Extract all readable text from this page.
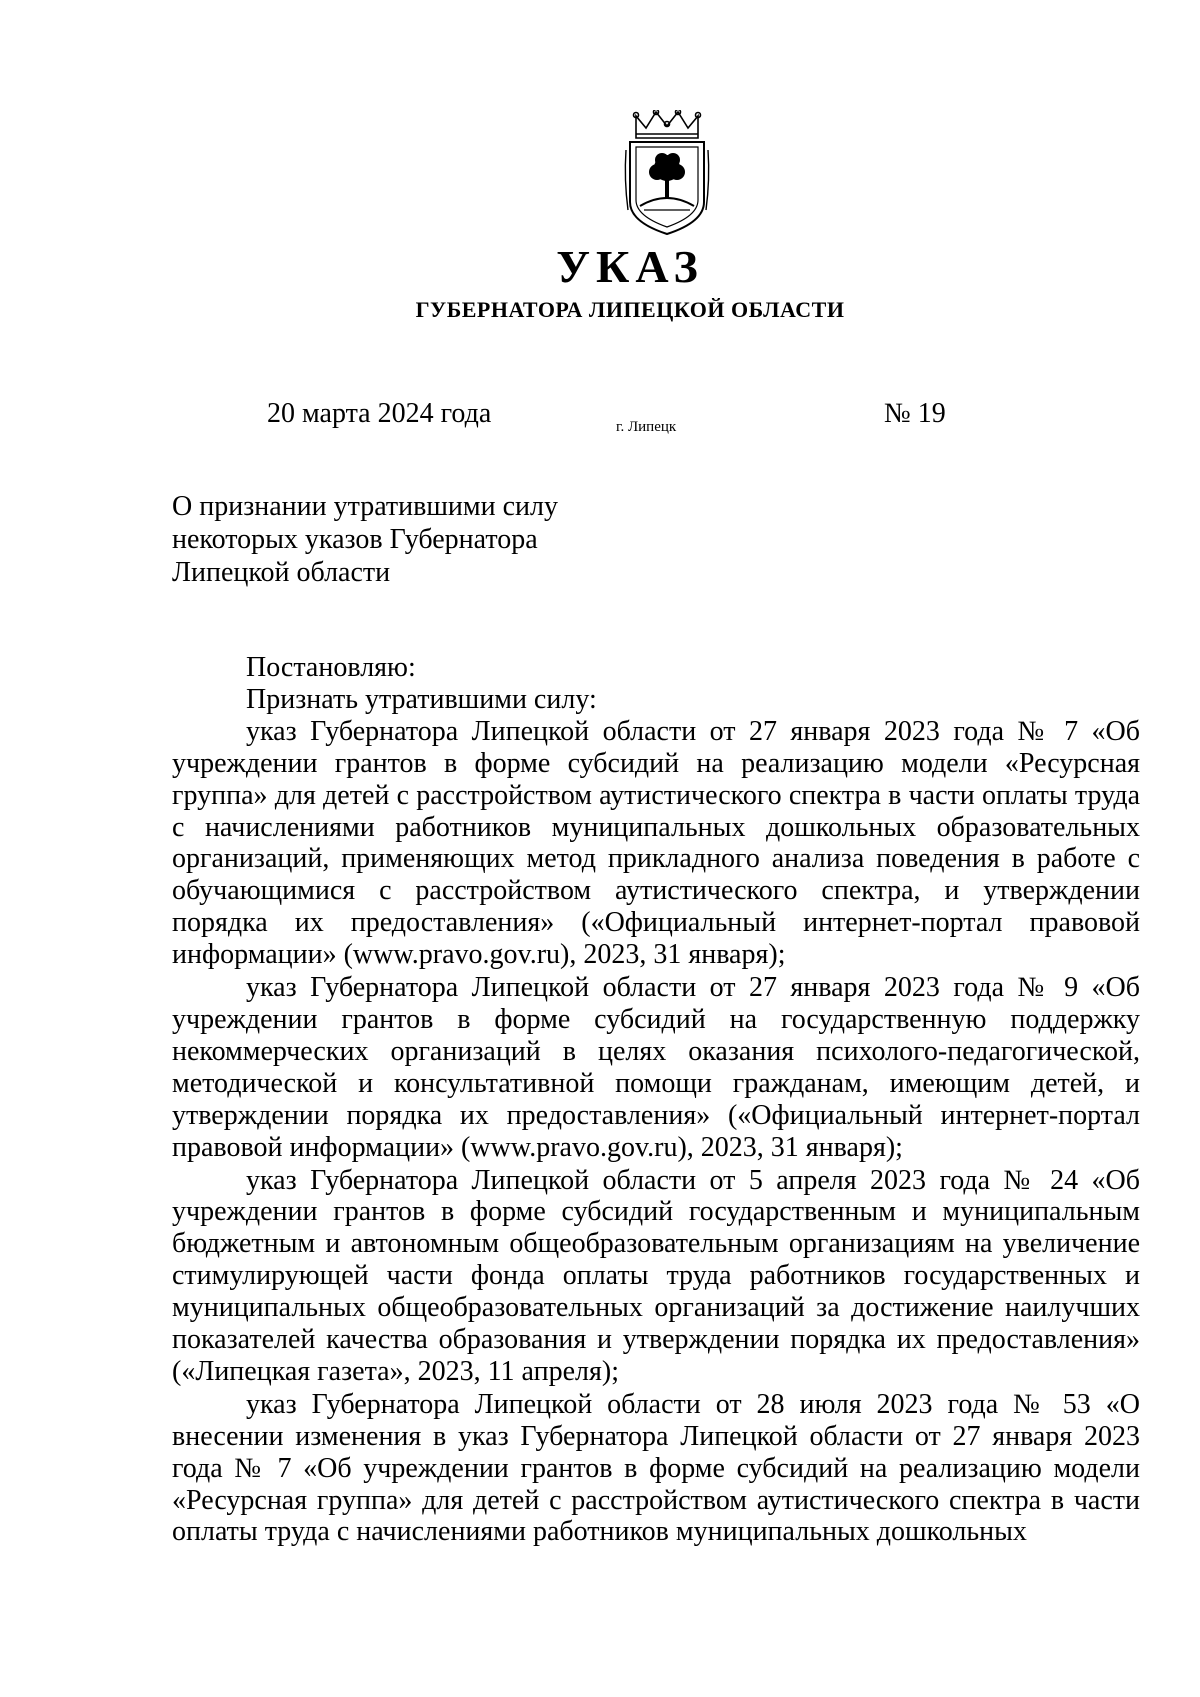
УКАЗ
ГУБЕРНАТОРА ЛИПЕЦКОЙ ОБЛАСТИ
20 марта 2024 года	г. Липецк	№ 19
О признании утратившими силу
некоторых указов Губернатора
Липецкой области

Постановляю:

Признать утратившими силу:

указ Губернатора Липецкой области от 27 января 2023 года № 7 «Об учреждении грантов в форме субсидий на реализацию модели «Ресурсная группа» для детей с расстройством аутистического спектра в части оплаты труда с начислениями работников муниципальных дошкольных образовательных организаций, применяющих метод прикладного анализа поведения в работе с обучающимися с расстройством аутистического спектра, и утверждении порядка их предоставления» («Официальный интернет-портал правовой информации» (www.pravo.gov.ru), 2023, 31 января);

указ Губернатора Липецкой области от 27 января 2023 года № 9 «Об учреждении грантов в форме субсидий на государственную поддержку некоммерческих организаций в целях оказания психолого-педагогической, методической и консультативной помощи гражданам, имеющим детей, и утверждении порядка их предоставления» («Официальный интернет-портал правовой информации» (www.pravo.gov.ru), 2023, 31 января);

указ Губернатора Липецкой области от 5 апреля 2023 года № 24 «Об учреждении грантов в форме субсидий государственным и муниципальным бюджетным и автономным общеобразовательным организациям на увеличение стимулирующей части фонда оплаты труда работников государственных и муниципальных общеобразовательных организаций за достижение наилучших показателей качества образования и утверждении порядка их предоставления» («Липецкая газета», 2023, 11 апреля);

указ Губернатора Липецкой области от 28 июля 2023 года № 53 «О внесении изменения в указ Губернатора Липецкой области от 27 января 2023 года № 7 «Об учреждении грантов в форме субсидий на реализацию модели «Ресурсная группа» для детей с расстройством аутистического спектра в части оплаты труда с начислениями работников муниципальных дошкольных
